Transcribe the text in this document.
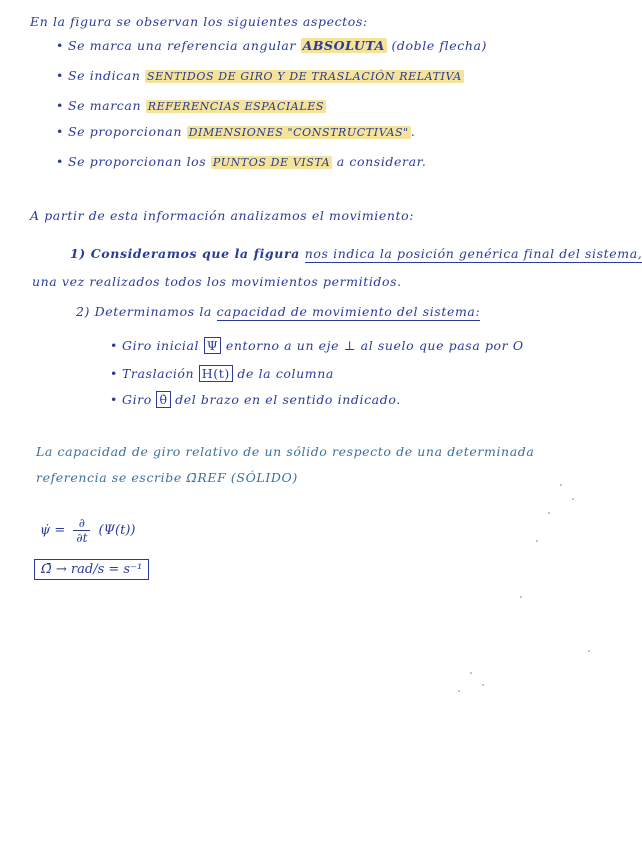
En la figura se observan los siguientes aspectos:
• Se marca una referencia angular ABSOLUTA (doble flecha)
• Se indican SENTIDOS DE GIRO Y DE TRASLACIÓN RELATIVA
• Se marcan REFERENCIAS ESPACIALES
• Se proporcionan DIMENSIONES "CONSTRUCTIVAS" .
• Se proporcionan los PUNTOS DE VISTA a considerar.
A partir de esta información analizamos el movimiento:
1) Consideramos que la figura nos indica la posición genérica final del sistema,
una vez realizados todos los movimientos permitidos.
2) Determinamos la capacidad de movimiento del sistema:
• Giro inicial Ψ entorno a un eje ⊥ al suelo que pasa por O
• Traslación H(t) de la columna
• Giro θ̇ del brazo en el sentido indicado.
La capacidad de giro relativo de un sólido respecto de una determinada
referencia se escribe Ω̄REF (SÓLIDO)
ψ̇ = $\frac{\partial}{\partial t} (\Psi(t))$
Ω̄ → rad/s = s⁻¹
